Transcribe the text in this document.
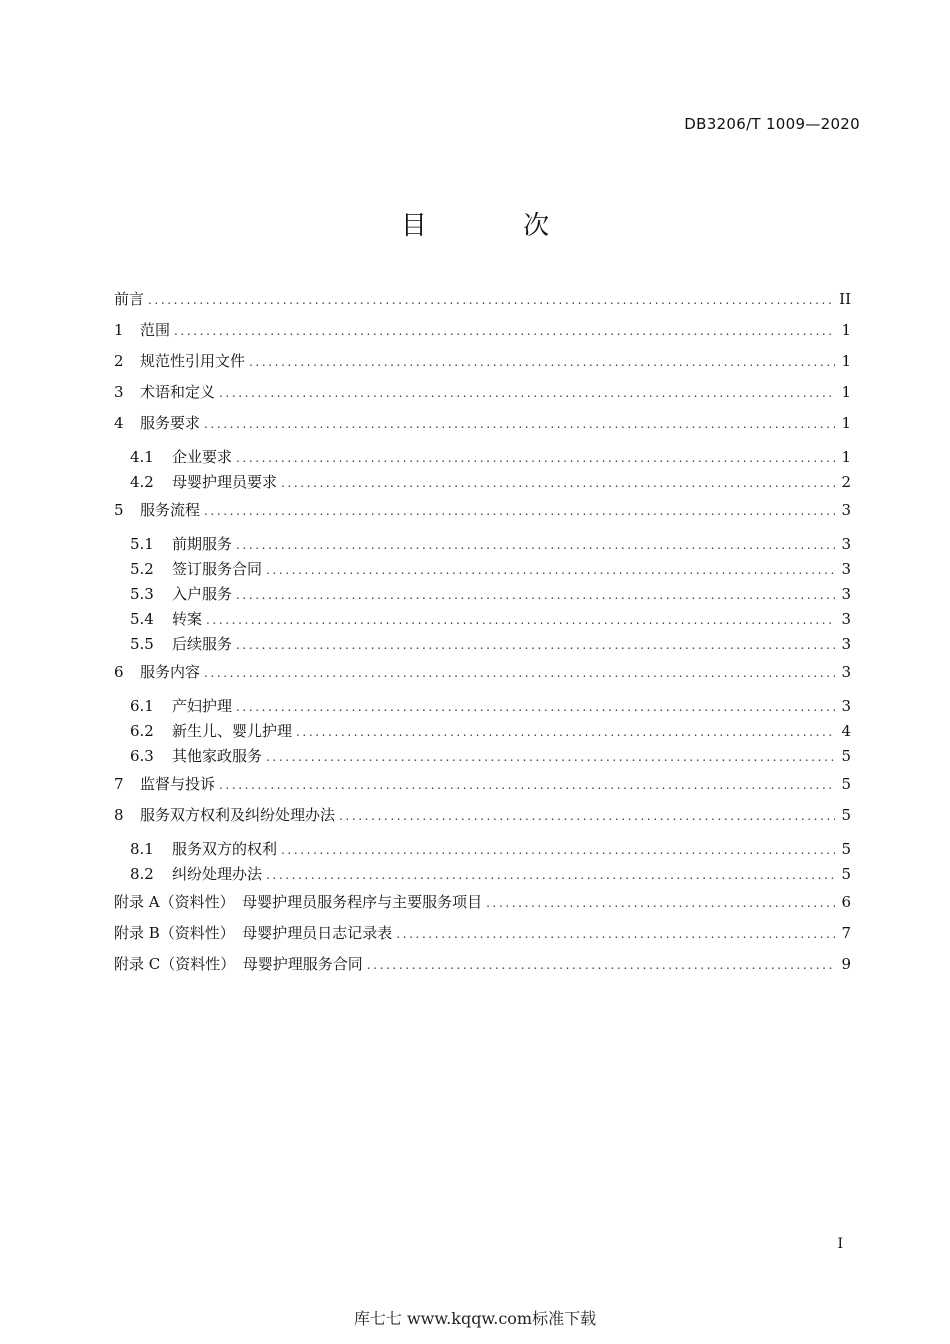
DB3206/T 1009—2020
目 次
前言 .....	II
1	范围 .....	1
2	规范性引用文件 .....	1
3	术语和定义 .....	1
4	服务要求 .....	1
4.1	企业要求 .....	1
4.2	母婴护理员要求 .....	2
5	服务流程 .....	3
5.1	前期服务 .....	3
5.2	签订服务合同 .....	3
5.3	入户服务 .....	3
5.4	转案 .....	3
5.5	后续服务 .....	3
6	服务内容 .....	3
6.1	产妇护理 .....	3
6.2	新生儿、婴儿护理 .....	4
6.3	其他家政服务 .....	5
7	监督与投诉 .....	5
8	服务双方权利及纠纷处理办法 .....	5
8.1	服务双方的权利 .....	5
8.2	纠纷处理办法 .....	5
附录 A（资料性）　母婴护理员服务程序与主要服务项目 .....	6
附录 B（资料性）　母婴护理员日志记录表 .....	7
附录 C（资料性）　母婴护理服务合同 .....	9
I
库七七 www.kqqw.com标准下载
